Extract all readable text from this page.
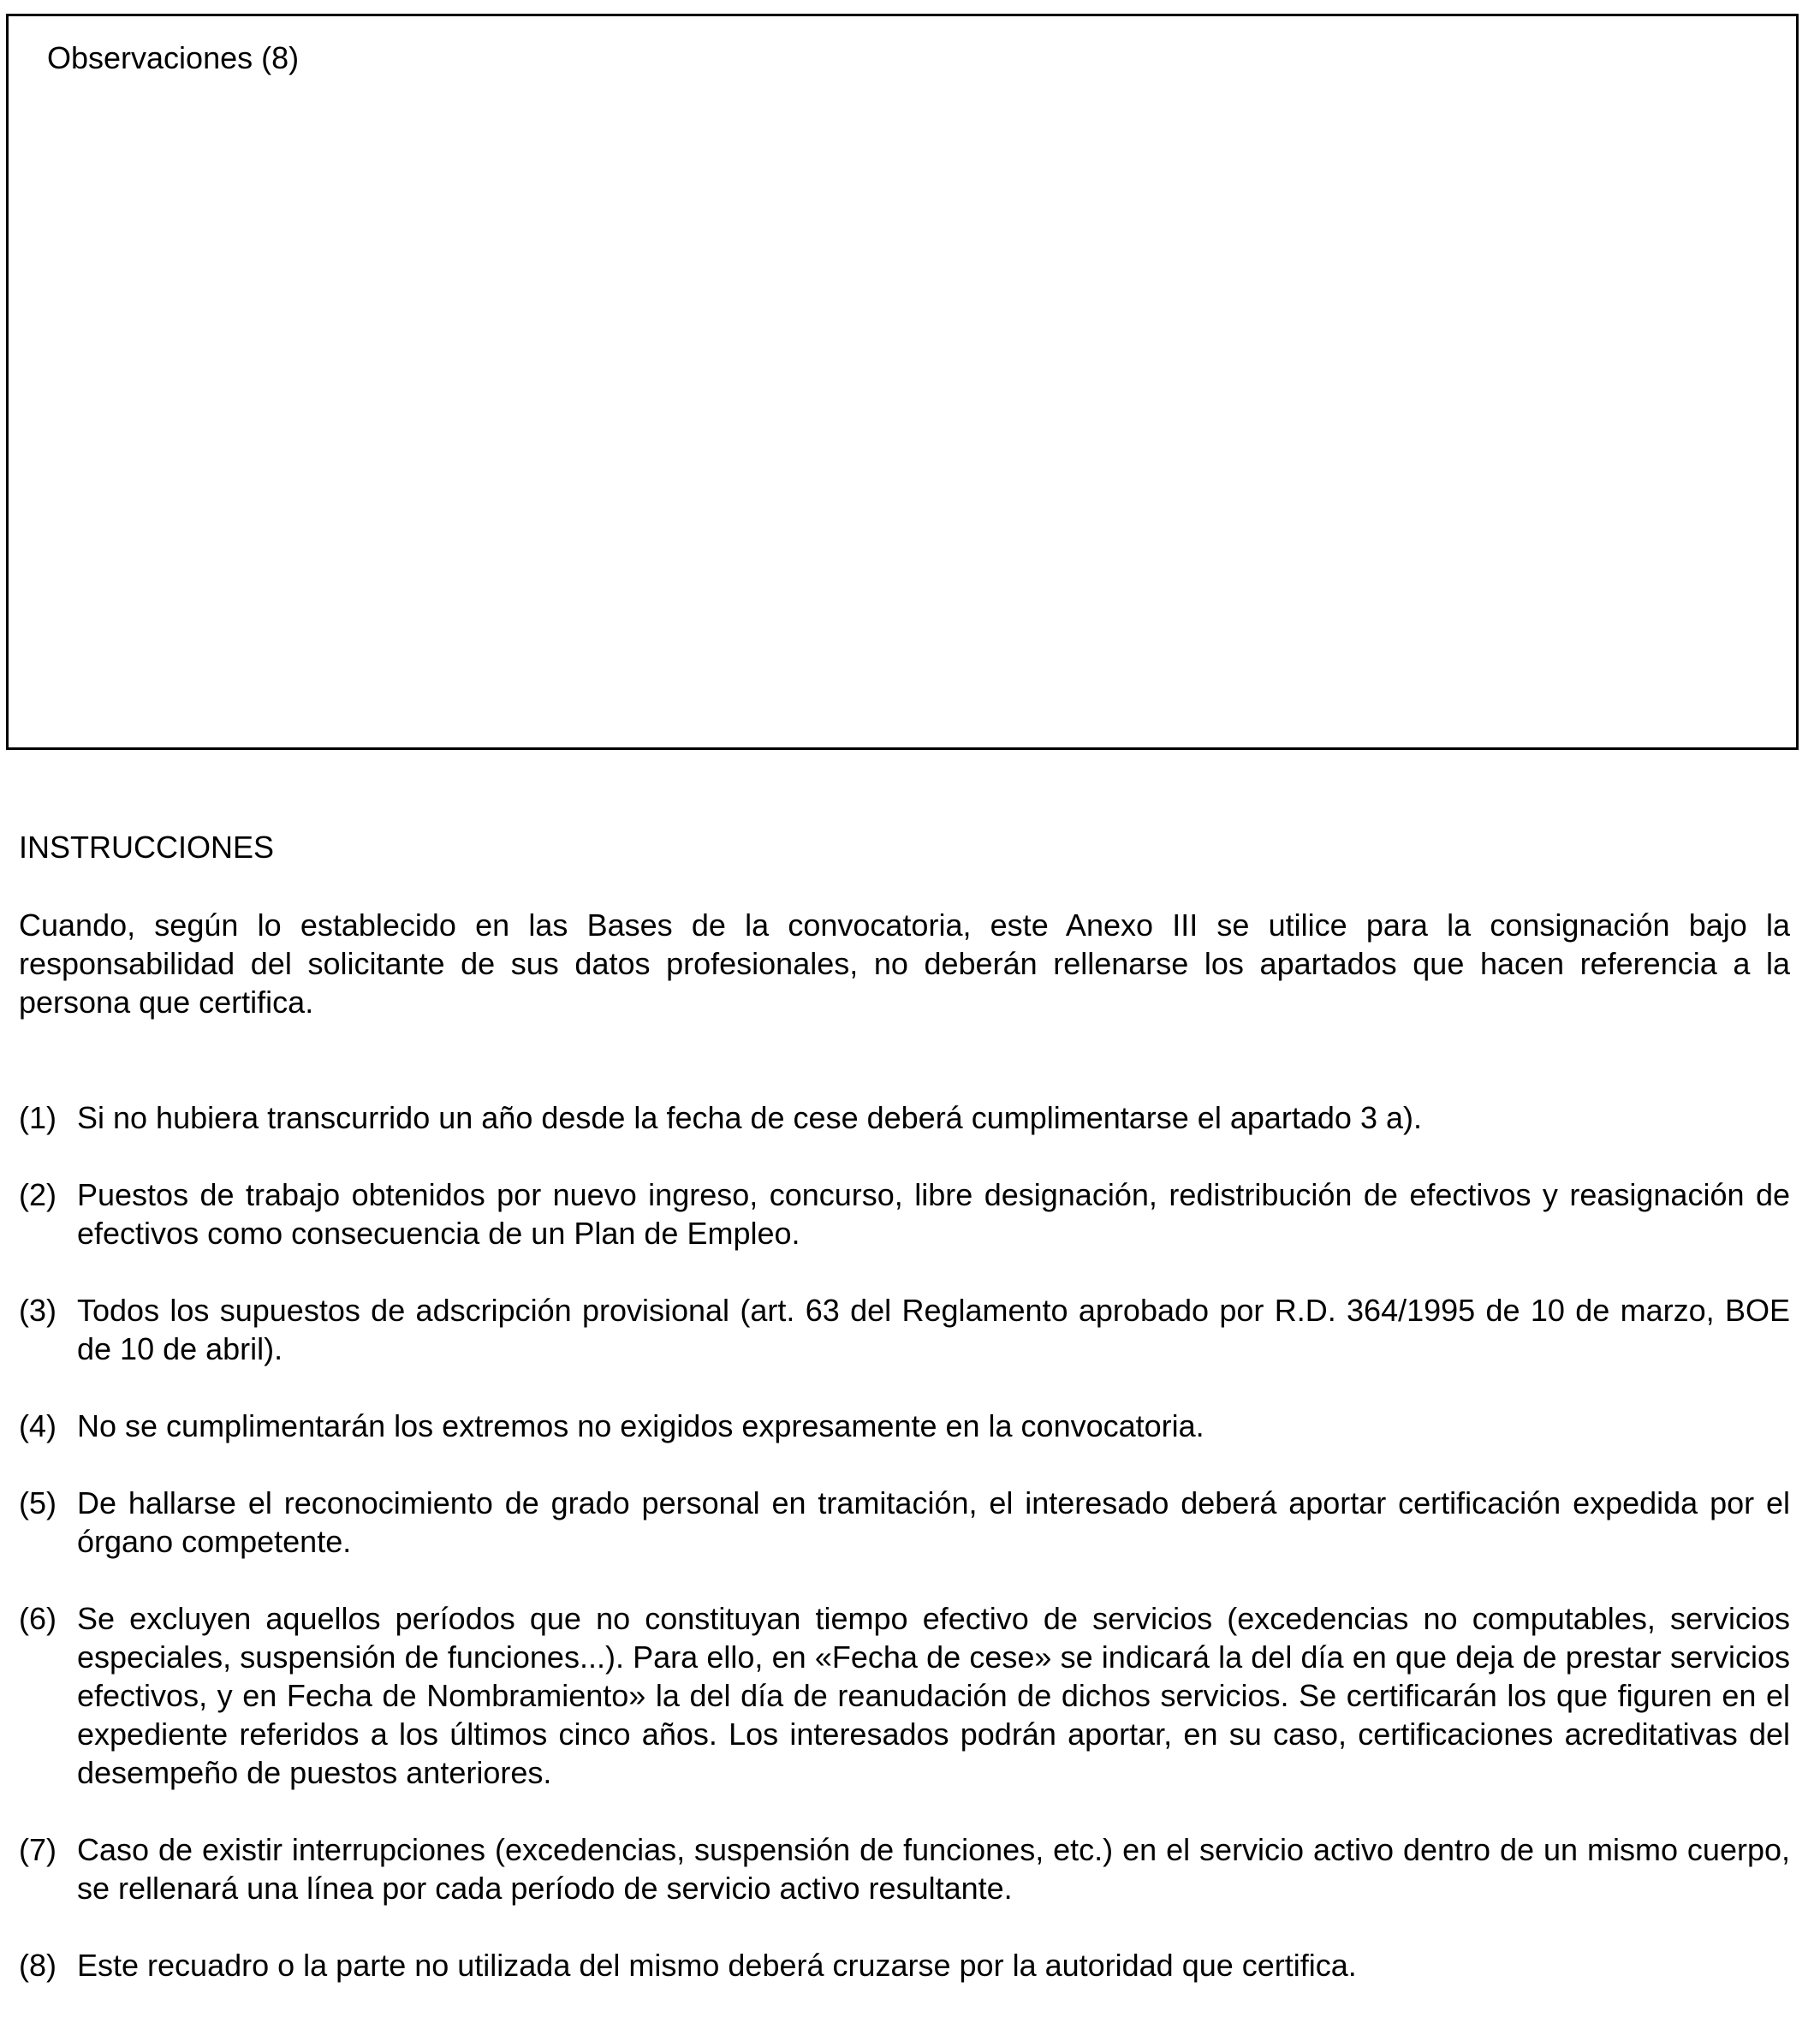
Observaciones (8)
INSTRUCCIONES

Cuando, según lo establecido en las Bases de la convocatoria, este Anexo III se utilice para la consignación bajo la responsabilidad del solicitante de sus datos profesionales, no deberán rellenarse los apartados que hacen referencia a la persona que certifica.

(1) Si no hubiera transcurrido un año desde la fecha de cese deberá cumplimentarse el apartado 3 a).
(2) Puestos de trabajo obtenidos por nuevo ingreso, concurso, libre designación, redistribución de efectivos y reasignación de efectivos como consecuencia de un Plan de Empleo.
(3) Todos los supuestos de adscripción provisional (art. 63 del Reglamento aprobado por R.D. 364/1995 de 10 de marzo, BOE de 10 de abril).
(4) No se cumplimentarán los extremos no exigidos expresamente en la convocatoria.
(5) De hallarse el reconocimiento de grado personal en tramitación, el interesado deberá aportar certificación expedida por el órgano competente.
(6) Se excluyen aquellos períodos que no constituyan tiempo efectivo de servicios (excedencias no computables, servicios especiales, suspensión de funciones...). Para ello, en «Fecha de cese» se indicará la del día en que deja de prestar servicios efectivos, y en Fecha de Nombramiento» la del día de reanudación de dichos servicios. Se certificarán los que figuren en el expediente referidos a los últimos cinco años. Los interesados podrán aportar, en su caso, certificaciones acreditativas del desempeño de puestos anteriores.
(7) Caso de existir interrupciones (excedencias, suspensión de funciones, etc.) en el servicio activo dentro de un mismo cuerpo, se rellenará una línea por cada período de servicio activo resultante.
(8) Este recuadro o la parte no utilizada del mismo deberá cruzarse por la autoridad que certifica.
